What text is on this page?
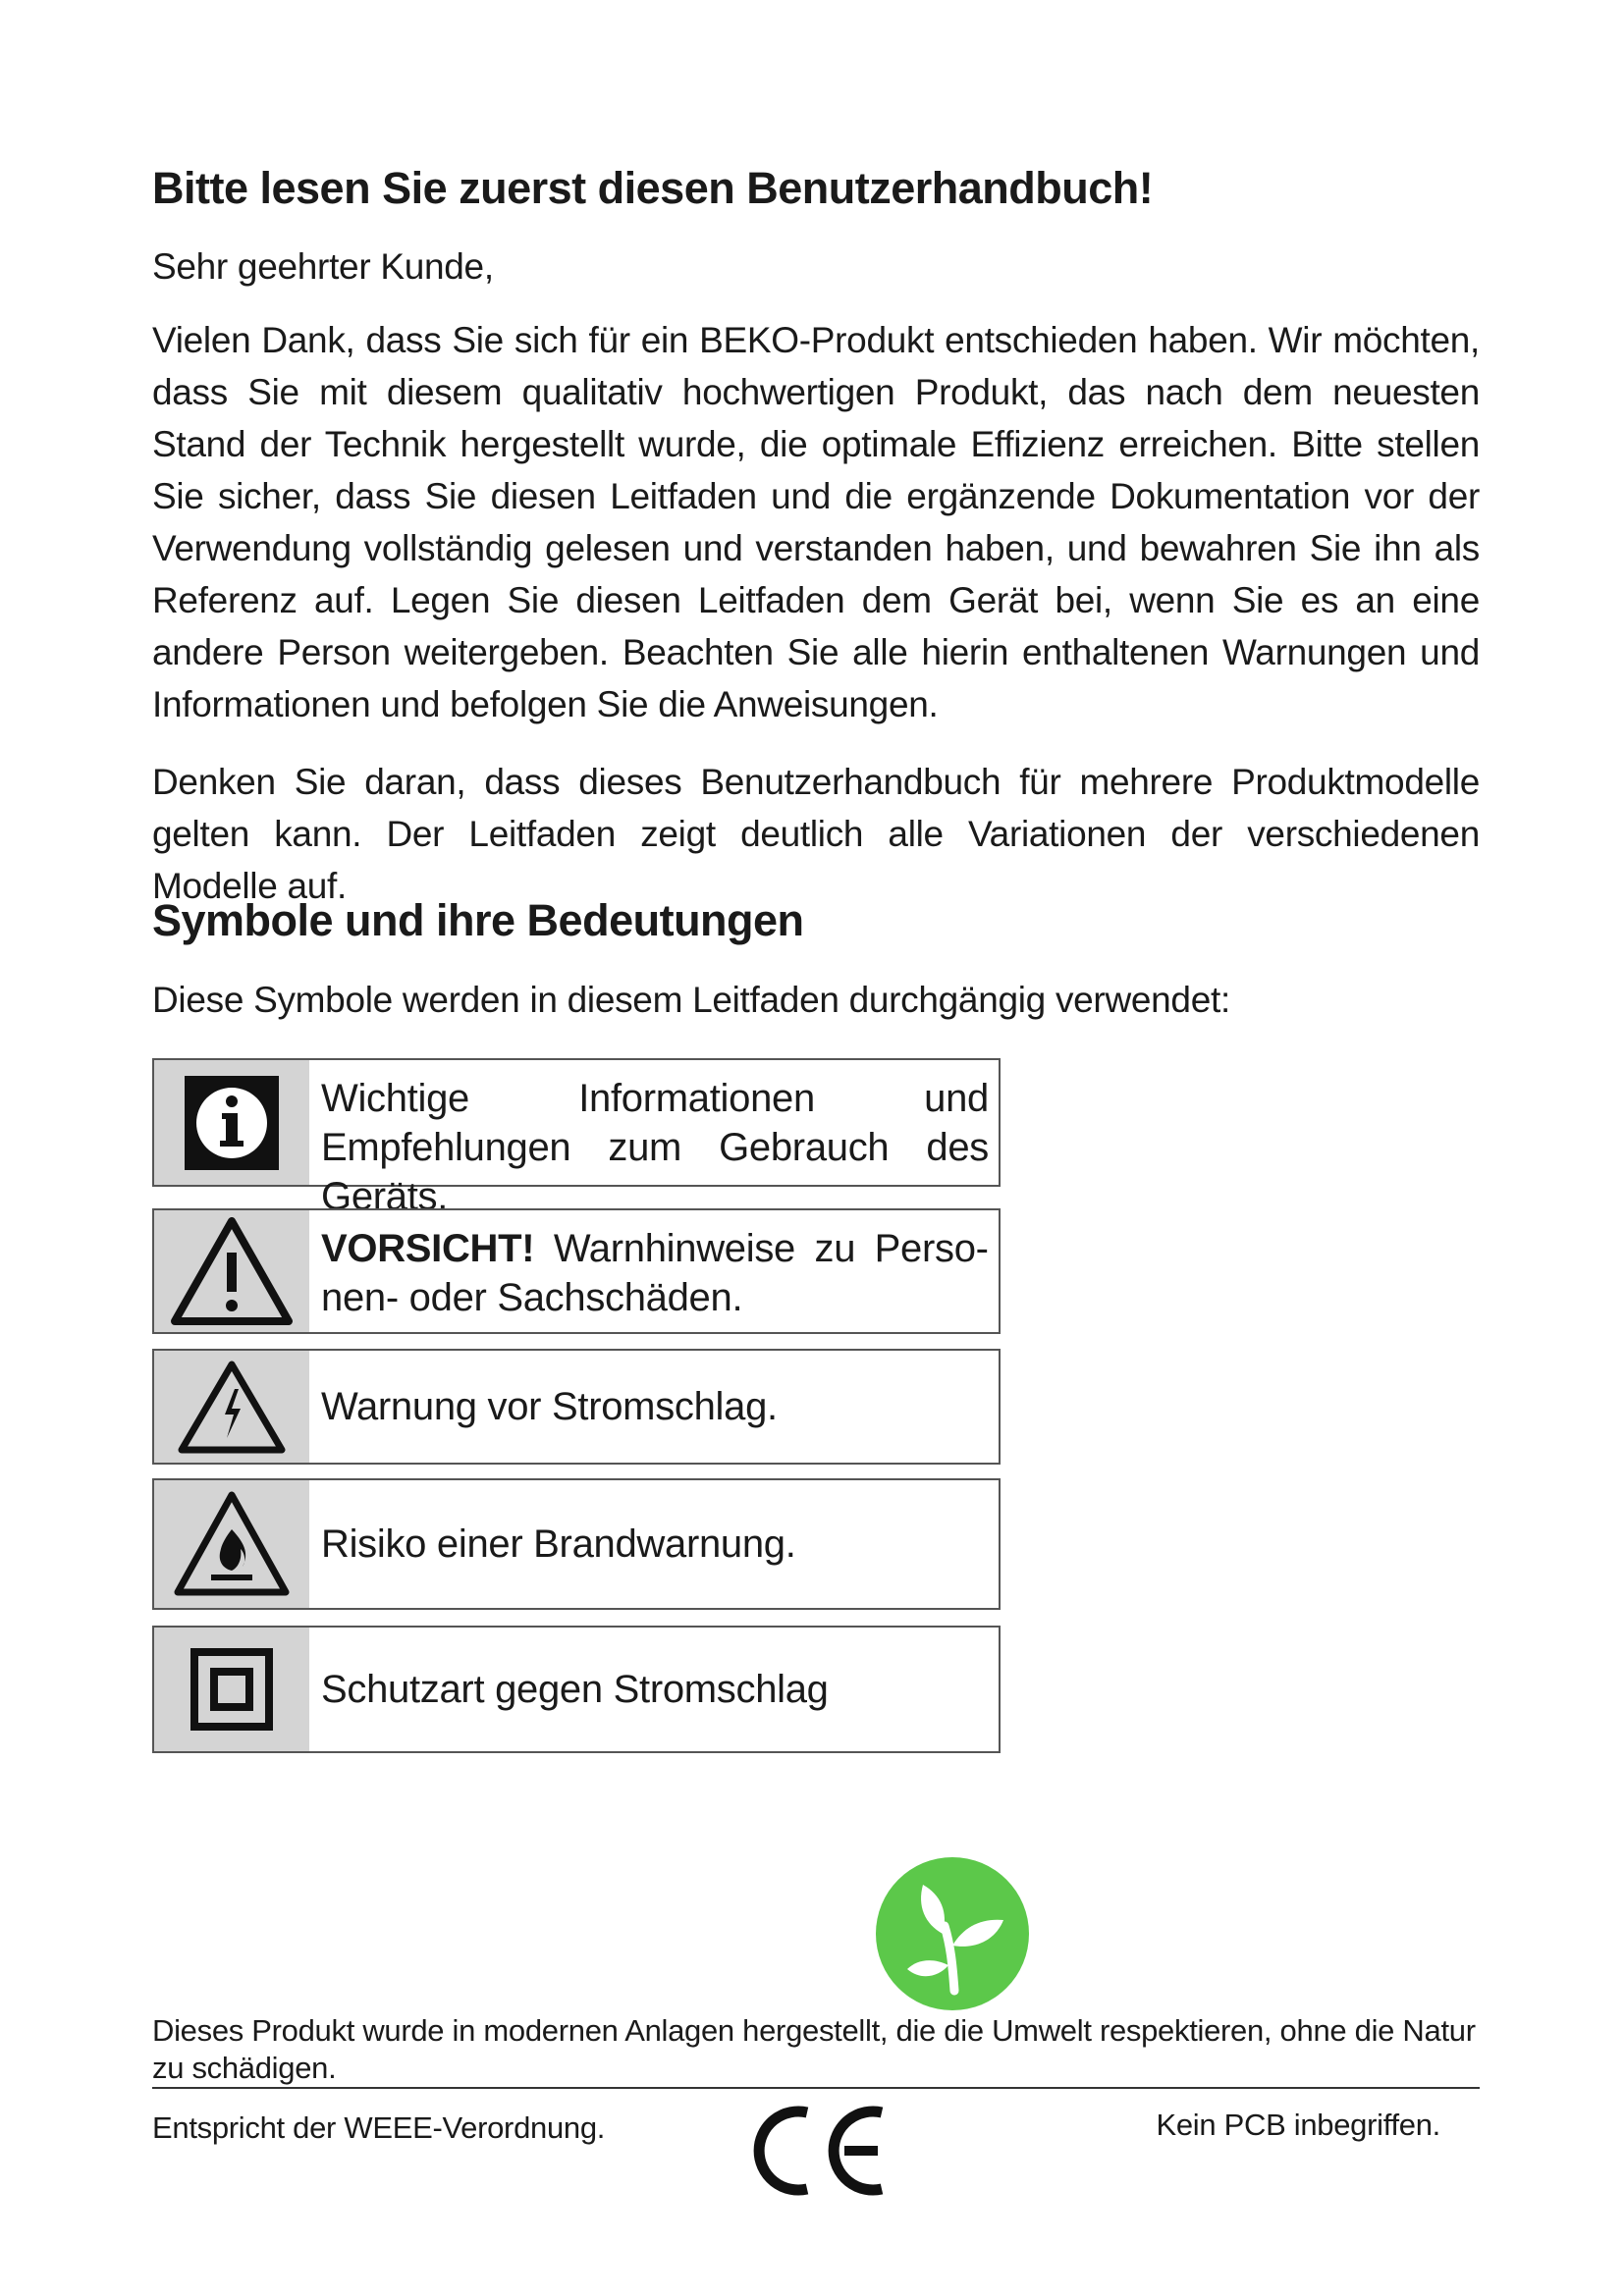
Bitte lesen Sie zuerst diesen Benutzerhandbuch!

Sehr geehrter Kunde,

Vielen Dank, dass Sie sich für ein BEKO-Produkt entschieden haben. Wir möchten, dass Sie mit diesem qualitativ hochwertigen Produkt, das nach dem neuesten Stand der Technik hergestellt wurde, die optimale Effizienz erreichen. Bitte stellen Sie sicher, dass Sie diesen Leitfaden und die ergänzende Dokumentation vor der Verwendung vollständig gelesen und verstanden haben, und bewahren Sie ihn als Referenz auf. Legen Sie diesen Leitfaden dem Gerät bei, wenn Sie es an eine andere Person weitergeben. Beachten Sie alle hierin enthaltenen Warnungen und Informationen und befolgen Sie die Anweisungen.

Denken Sie daran, dass dieses Benutzerhandbuch für mehrere Produktmodelle gelten kann. Der Leitfaden zeigt deutlich alle Variationen der verschiedenen Modelle auf.

Symbole und ihre Bedeutungen

Diese Symbole werden in diesem Leitfaden durchgängig verwendet:

Wichtige Informationen und Empfehlungen zum Gebrauch des Geräts.
VORSICHT! Warnhinweise zu Personen- oder Sachschäden.
Warnung vor Stromschlag.
Risiko einer Brandwarnung.
Schutzart gegen Stromschlag
Dieses Produkt wurde in modernen Anlagen hergestellt, die die Umwelt respektieren, ohne die Natur zu schädigen.
Entspricht der WEEE-Verordnung.	Kein PCB inbegriffen.
